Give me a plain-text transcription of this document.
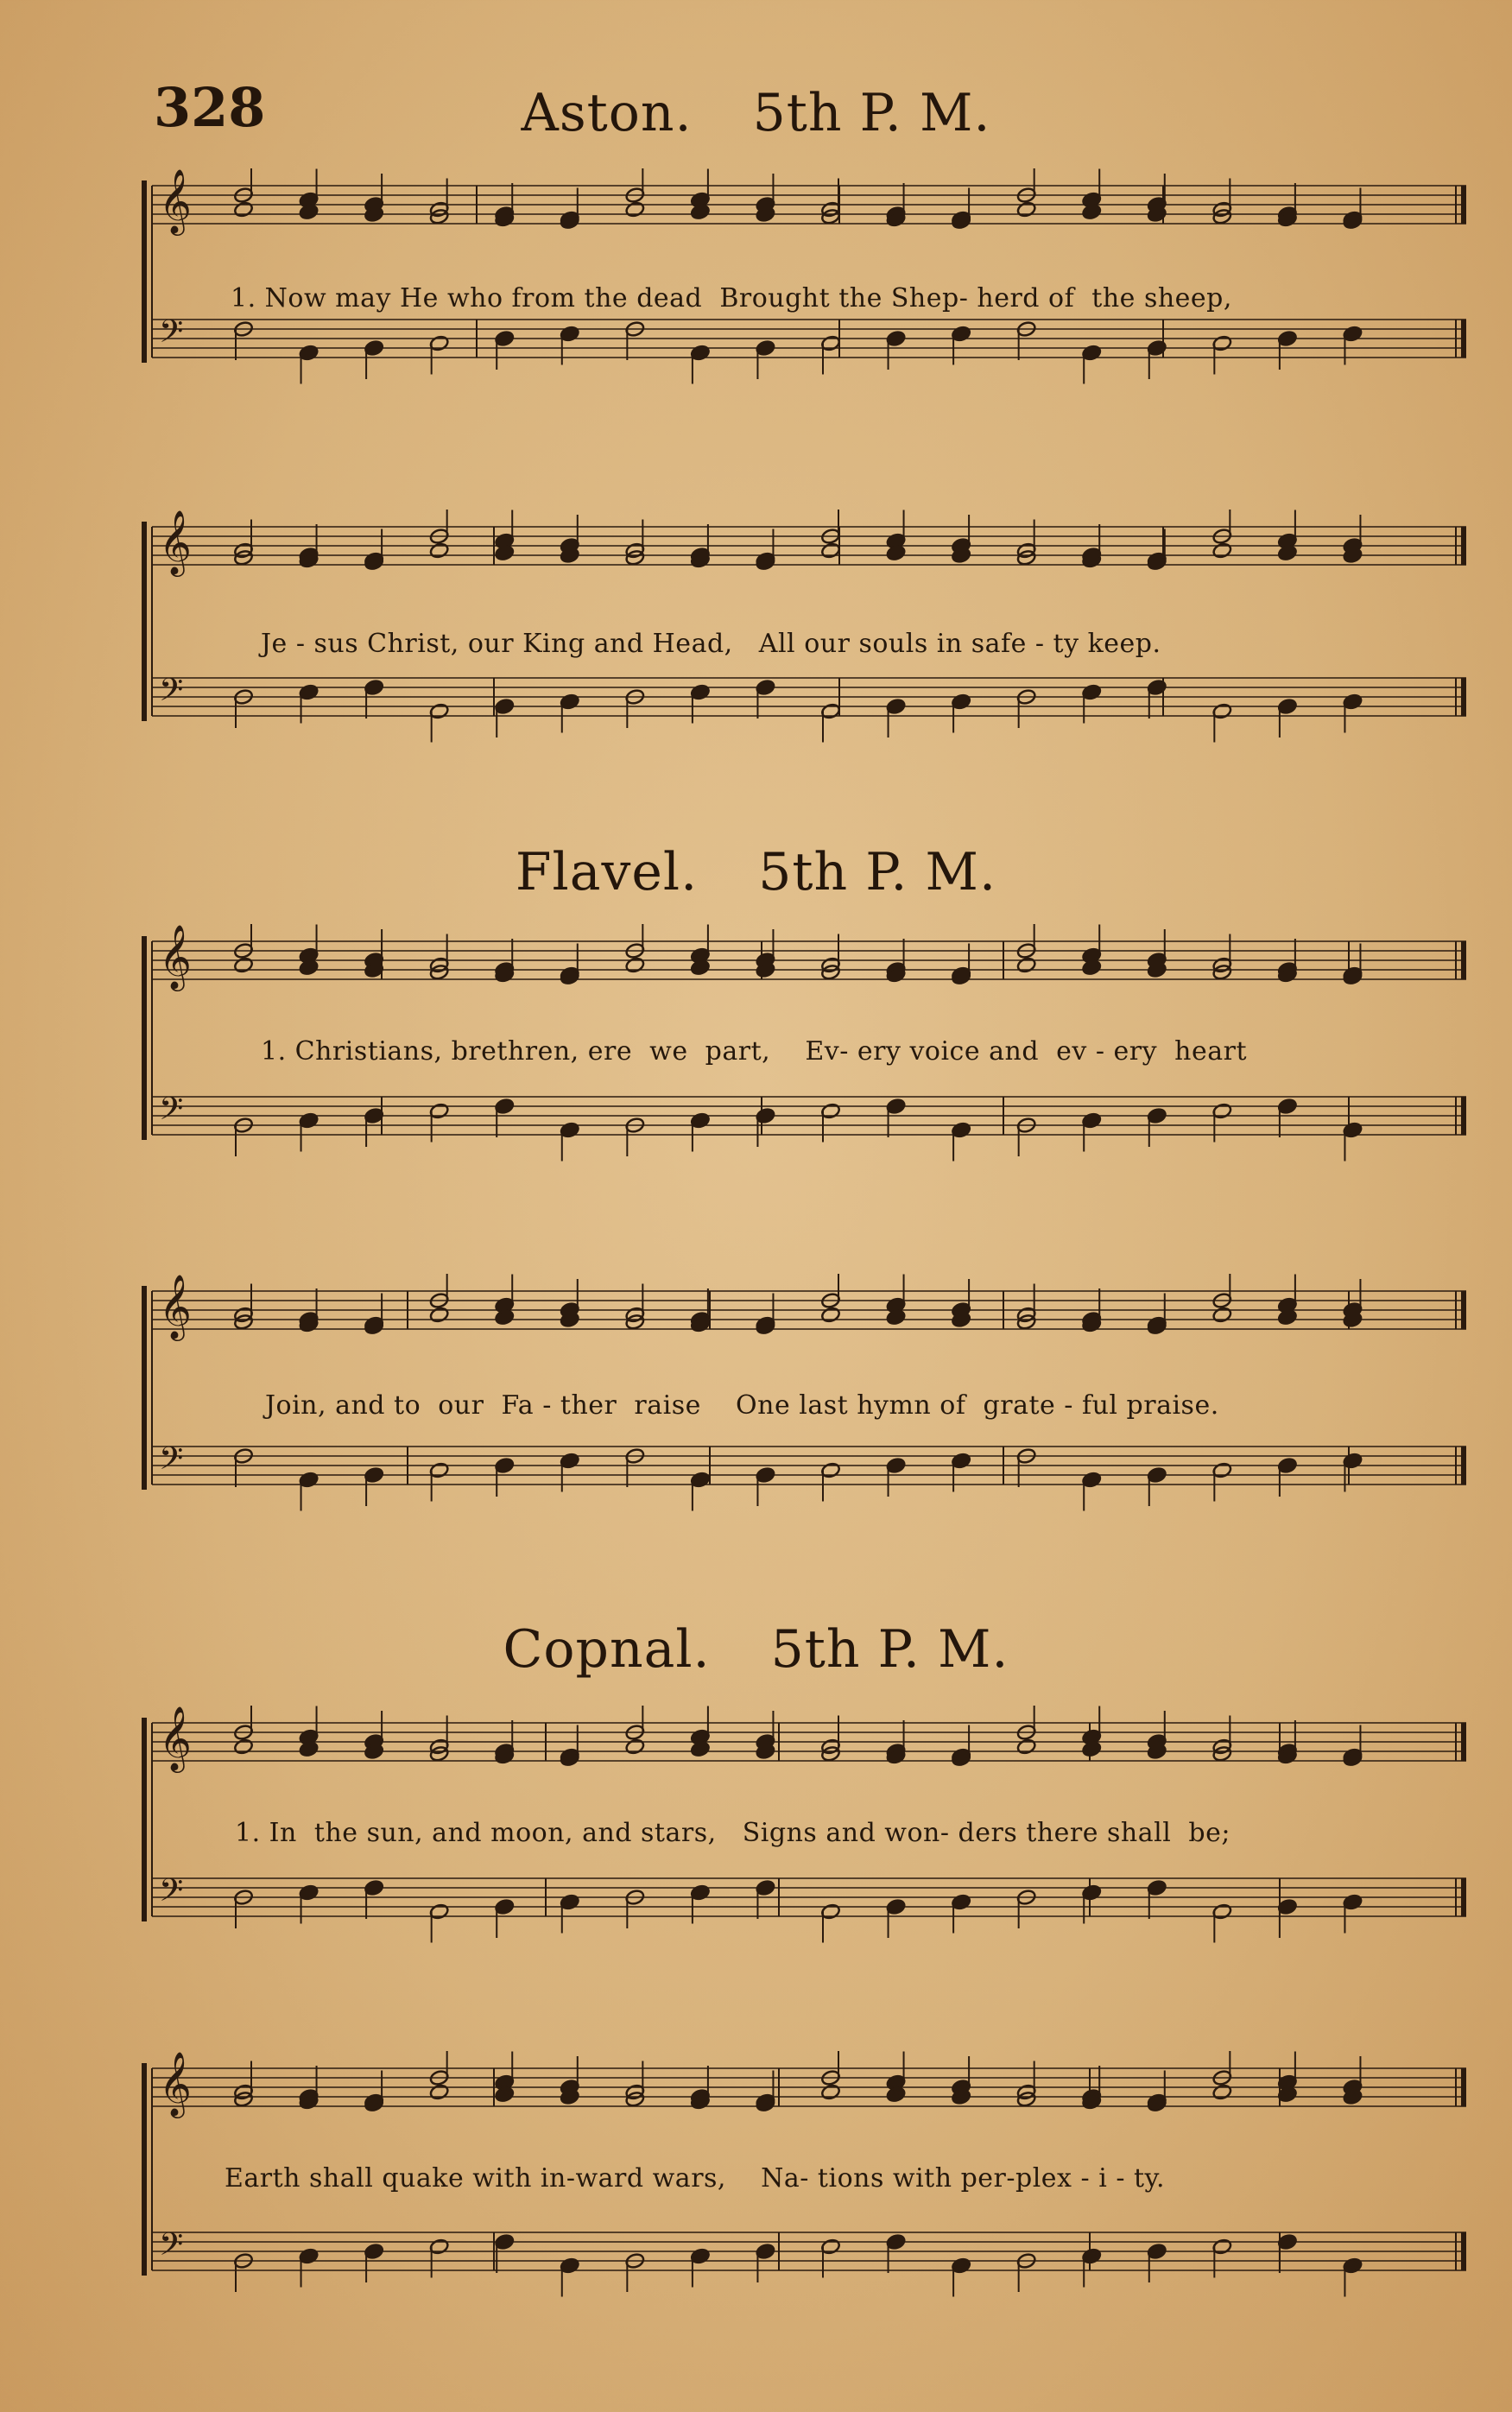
328	Aston. 5th P. M.
𝄞
𝄢
1. Now may He who from the dead  Brought the Shep- herd of  the sheep,
𝄞
𝄢
Je - sus Christ, our King and Head,   All our souls in safe - ty keep.
Flavel. 5th P. M.
𝄞
𝄢
1. Christians, brethren, ere  we  part,    Ev- ery voice and  ev - ery  heart
𝄞
𝄢
Join, and to  our  Fa - ther  raise    One last hymn of  grate - ful praise.
Copnal. 5th P. M.
𝄞
𝄢
1. In  the sun, and moon, and stars,   Signs and won- ders there shall  be;
𝄞
𝄢
Earth shall quake with in-ward wars,    Na- tions with per-plex - i - ty.
